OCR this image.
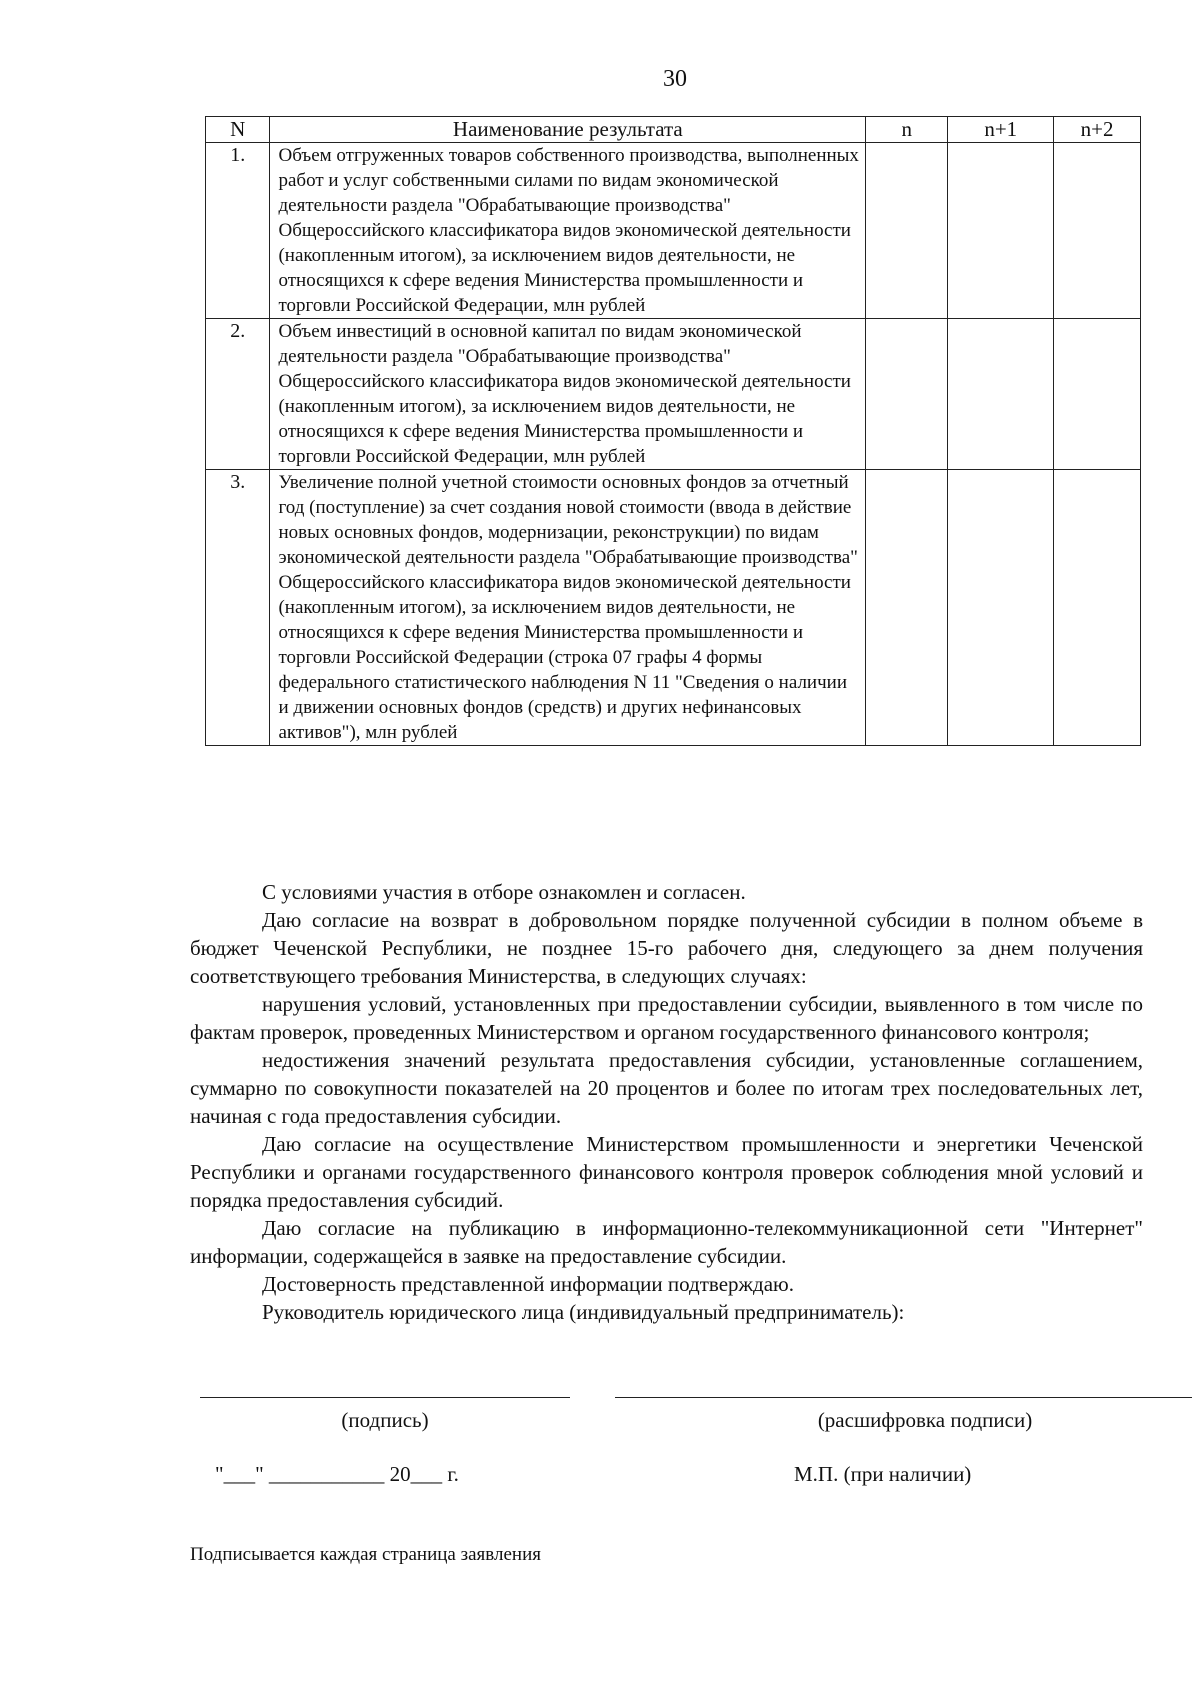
30
N	Наименование результата	n	n+1	n+2
1.	Объем отгруженных товаров собственного производства, выполненных работ и услуг собственными силами по видам экономической деятельности раздела "Обрабатывающие производства" Общероссийского классификатора видов экономической деятельности (накопленным итогом), за исключением видов деятельности, не относящихся к сфере ведения Министерства промышленности и торговли Российской Федерации, млн рублей			
2.	Объем инвестиций в основной капитал по видам экономической деятельности раздела "Обрабатывающие производства" Общероссийского классификатора видов экономической деятельности (накопленным итогом), за исключением видов деятельности, не относящихся к сфере ведения Министерства промышленности и торговли Российской Федерации, млн рублей			
3.	Увеличение полной учетной стоимости основных фондов за отчетный год (поступление) за счет создания новой стоимости (ввода в действие новых основных фондов, модернизации, реконструкции) по видам экономической деятельности раздела "Обрабатывающие производства" Общероссийского классификатора видов экономической деятельности (накопленным итогом), за исключением видов деятельности, не относящихся к сфере ведения Министерства промышленности и торговли Российской Федерации (строка 07 графы 4 формы федерального статистического наблюдения N 11 "Сведения о наличии и движении основных фондов (средств) и других нефинансовых активов"), млн рублей			

С условиями участия в отборе ознакомлен и согласен.

Даю согласие на возврат в добровольном порядке полученной субсидии в полном объеме в бюджет Чеченской Республики, не позднее 15-го рабочего дня, следующего за днем получения соответствующего требования Министерства, в следующих случаях:

нарушения условий, установленных при предоставлении субсидии, выявленного в том числе по фактам проверок, проведенных Министерством и органом государственного финансового контроля;

недостижения значений результата предоставления субсидии, установленные соглашением, суммарно по совокупности показателей на 20 процентов и более по итогам трех последовательных лет, начиная с года предоставления субсидии.

Даю согласие на осуществление Министерством промышленности и энергетики Чеченской Республики и органами государственного финансового контроля проверок соблюдения мной условий и порядка предоставления субсидий.

Даю согласие на публикацию в информационно-телекоммуникационной сети "Интернет" информации, содержащейся в заявке на предоставление субсидии.

Достоверность представленной информации подтверждаю.

Руководитель юридического лица (индивидуальный предприниматель):

(подпись)	(расшифровка подписи)
"___" ___________ 20___ г.	М.П. (при наличии)
Подписывается каждая страница заявления
